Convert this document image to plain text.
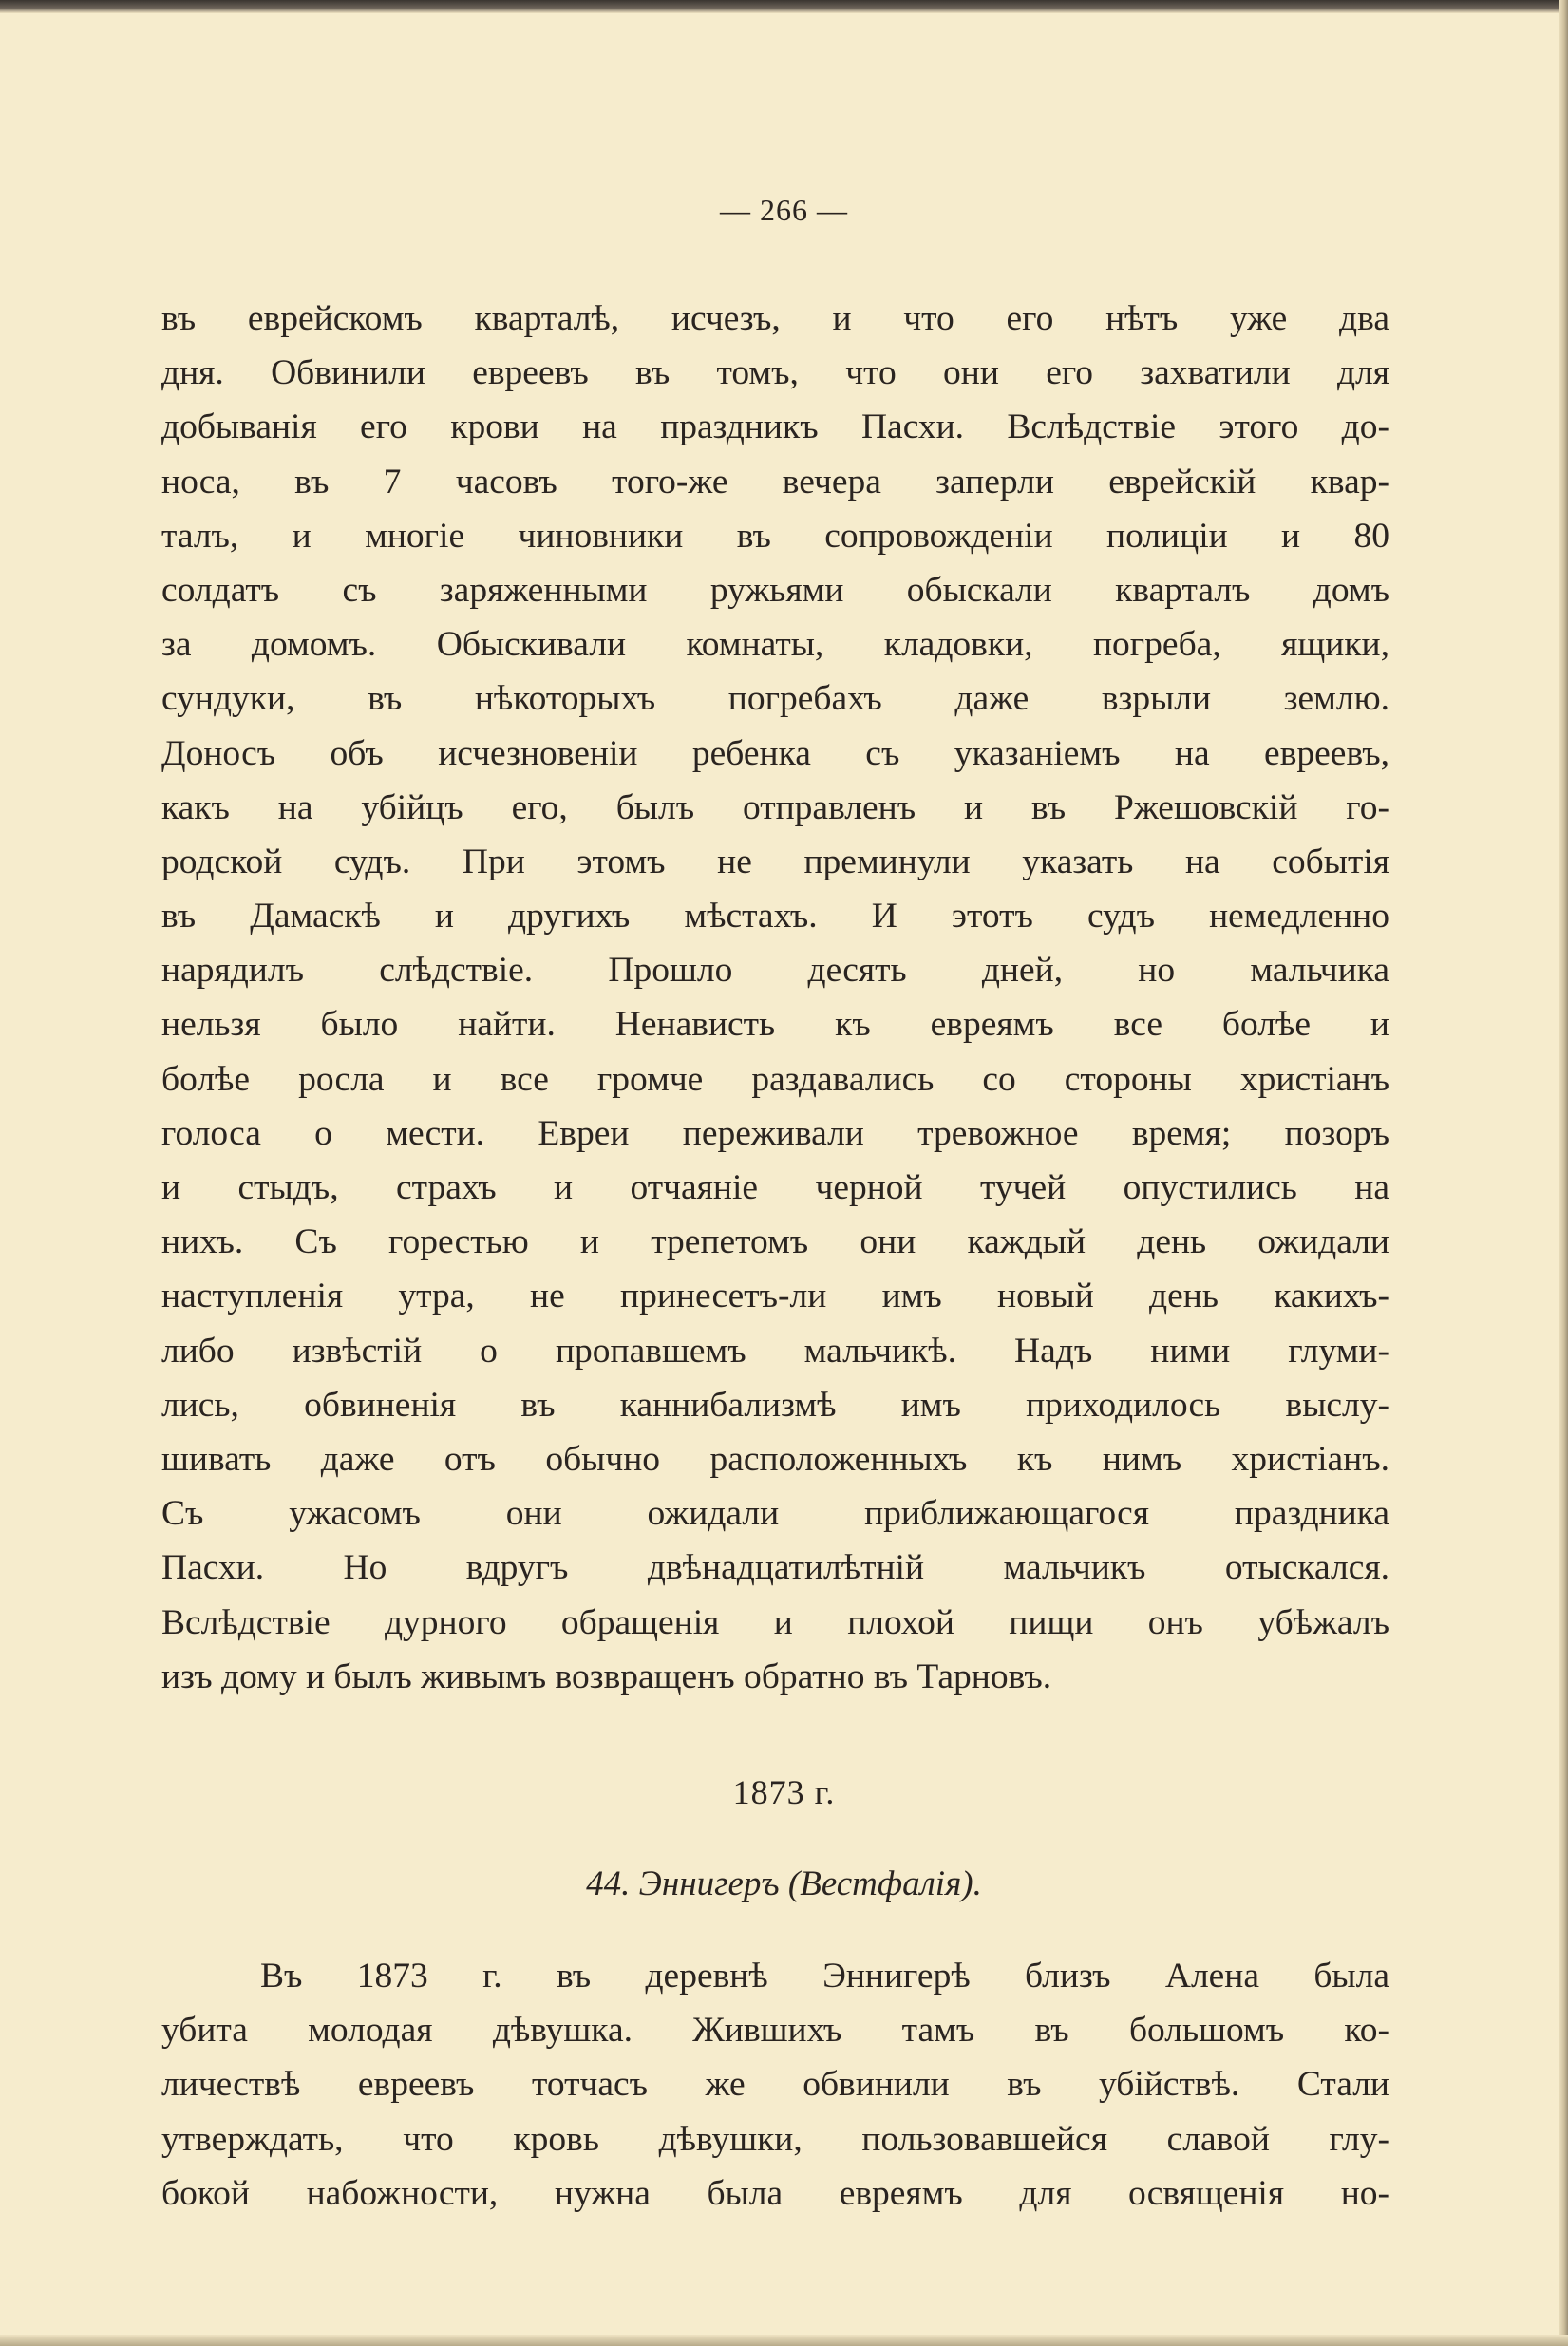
— 266 —
въ еврейскомъ кварталѣ, исчезъ, и что его нѣтъ уже два
дня. Обвинили евреевъ въ томъ, что они его захватили для
добыванія его крови на праздникъ Пасхи. Вслѣдствіе этого до-
носа, въ 7 часовъ того-же вечера заперли еврейскій квар-
талъ, и многіе чиновники въ сопровожденіи полиціи и 80
солдатъ съ заряженными ружьями обыскали кварталъ домъ
за домомъ. Обыскивали комнаты, кладовки, погреба, ящики,
сундуки, въ нѣкоторыхъ погребахъ даже взрыли землю.
Доносъ объ исчезновеніи ребенка съ указаніемъ на евреевъ,
какъ на убійцъ его, былъ отправленъ и въ Ржешовскій го-
родской судъ. При этомъ не преминули указать на событія
въ Дамаскѣ и другихъ мѣстахъ. И этотъ судъ немедленно
нарядилъ слѣдствіе. Прошло десять дней, но мальчика
нельзя было найти. Ненависть къ евреямъ все болѣе и
болѣе росла и все громче раздавались со стороны христіанъ
голоса о мести. Евреи переживали тревожное время; позоръ
и стыдъ, страхъ и отчаяніе черной тучей опустились на
нихъ. Съ горестью и трепетомъ они каждый день ожидали
наступленія утра, не принесетъ-ли имъ новый день какихъ-
либо извѣстій о пропавшемъ мальчикѣ. Надъ ними глуми-
лись, обвиненія въ каннибализмѣ имъ приходилось выслу-
шивать даже отъ обычно расположенныхъ къ нимъ христіанъ.
Съ ужасомъ они ожидали приближающагося праздника
Пасхи. Но вдругъ двѣнадцатилѣтній мальчикъ отыскался.
Вслѣдствіе дурного обращенія и плохой пищи онъ убѣжалъ
изъ дому и былъ живымъ возвращенъ обратно въ Тарновъ.
1873 г.
44. Эннигеръ (Вестфалія).
Въ 1873 г. въ деревнѣ Эннигерѣ близъ Алена была
убита молодая дѣвушка. Жившихъ тамъ въ большомъ ко-
личествѣ евреевъ тотчасъ же обвинили въ убійствѣ. Стали
утверждать, что кровь дѣвушки, пользовавшейся славой глу-
бокой набожности, нужна была евреямъ для освященія но-
